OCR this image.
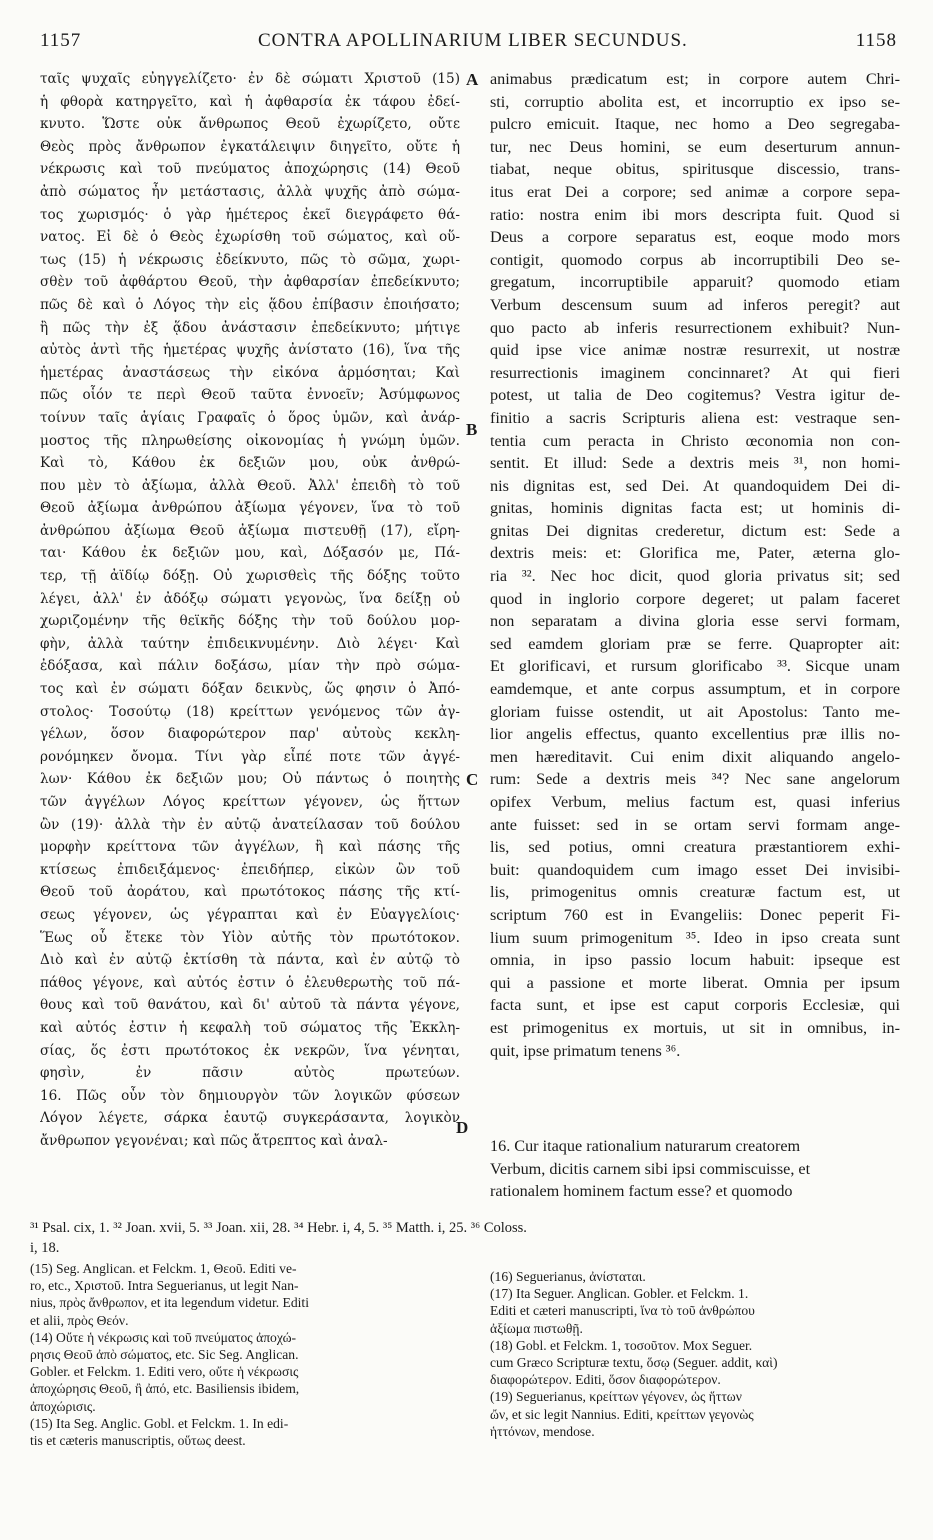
1157	CONTRA APOLLINARIUM LIBER SECUNDUS.	1158
A
B
C
D
ταῖς ψυχαῖς εὐηγγελίζετο· ἐν δὲ σώματι Χριστοῦ (15)
ἡ φθορὰ κατηργεῖτο, καὶ ἡ ἀφθαρσία ἐκ τάφου ἐδεί-
κνυτο. Ὥστε οὐκ ἄνθρωπος Θεοῦ ἐχωρίζετο, οὔτε
Θεὸς πρὸς ἄνθρωπον ἐγκατάλειψιν διηγεῖτο, οὔτε ἡ
νέκρωσις καὶ τοῦ πνεύματος ἀποχώρησις (14) Θεοῦ
ἀπὸ σώματος ἦν μετάστασις, ἀλλὰ ψυχῆς ἀπὸ σώμα-
τος χωρισμός· ὁ γὰρ ἡμέτερος ἐκεῖ διεγράφετο θά-
νατος. Εἰ δὲ ὁ Θεὸς ἐχωρίσθη τοῦ σώματος, καὶ οὕ-
τως (15) ἡ νέκρωσις ἐδείκνυτο, πῶς τὸ σῶμα, χωρι-
σθὲν τοῦ ἀφθάρτου Θεοῦ, τὴν ἀφθαρσίαν ἐπεδείκνυτο;
πῶς δὲ καὶ ὁ Λόγος τὴν εἰς ᾅδου ἐπίβασιν ἐποιήσατο;
ἢ πῶς τὴν ἐξ ᾅδου ἀνάστασιν ἐπεδείκνυτο; μήτιγε
αὐτὸς ἀντὶ τῆς ἡμετέρας ψυχῆς ἀνίστατο (16), ἵνα τῆς
ἡμετέρας ἀναστάσεως τὴν εἰκόνα ἁρμόσηται; Καὶ
πῶς οἷόν τε περὶ Θεοῦ ταῦτα ἐννοεῖν; Ἀσύμφωνος
τοίνυν ταῖς ἁγίαις Γραφαῖς ὁ ὅρος ὑμῶν, καὶ ἀνάρ-
μοστος τῆς πληρωθείσης οἰκονομίας ἡ γνώμη ὑμῶν.
Καὶ τὸ, Κάθου ἐκ δεξιῶν μου, οὐκ ἀνθρώ-
που μὲν τὸ ἀξίωμα, ἀλλὰ Θεοῦ. Ἀλλ' ἐπειδὴ τὸ τοῦ
Θεοῦ ἀξίωμα ἀνθρώπου ἀξίωμα γέγονεν, ἵνα τὸ τοῦ
ἀνθρώπου ἀξίωμα Θεοῦ ἀξίωμα πιστευθῇ (17), εἴρη-
ται· Κάθου ἐκ δεξιῶν μου, καὶ, Δόξασόν με, Πά-
τερ, τῇ ἀϊδίῳ δόξῃ. Οὐ χωρισθεὶς τῆς δόξης τοῦτο
λέγει, ἀλλ' ἐν ἀδόξῳ σώματι γεγονὼς, ἵνα δείξῃ οὐ
χωριζομένην τῆς θεϊκῆς δόξης τὴν τοῦ δούλου μορ-
φὴν, ἀλλὰ ταύτην ἐπιδεικνυμένην. Διὸ λέγει· Καὶ
ἐδόξασα, καὶ πάλιν δοξάσω, μίαν τὴν πρὸ σώμα-
τος καὶ ἐν σώματι δόξαν δεικνὺς, ὥς φησιν ὁ Ἀπό-
στολος· Τοσούτῳ (18) κρείττων γενόμενος τῶν ἀγ-
γέλων, ὅσον διαφορώτερον παρ' αὐτοὺς κεκλη-
ρονόμηκεν ὄνομα. Τίνι γὰρ εἶπέ ποτε τῶν ἀγγέ-
λων· Κάθου ἐκ δεξιῶν μου; Οὐ πάντως ὁ ποιητὴς
τῶν ἀγγέλων Λόγος κρείττων γέγονεν, ὡς ἥττων
ὢν (19)· ἀλλὰ τὴν ἐν αὐτῷ ἀνατείλασαν τοῦ δούλου
μορφὴν κρείττονα τῶν ἀγγέλων, ἢ καὶ πάσης τῆς
κτίσεως ἐπιδειξάμενος· ἐπειδήπερ, εἰκὼν ὢν τοῦ
Θεοῦ τοῦ ἀοράτου, καὶ πρωτότοκος πάσης τῆς κτί-
σεως γέγονεν, ὡς γέγραπται καὶ ἐν Εὐαγγελίοις·
Ἕως οὗ ἔτεκε τὸν Υἱὸν αὐτῆς τὸν πρωτότοκον.
Διὸ καὶ ἐν αὐτῷ ἐκτίσθη τὰ πάντα, καὶ ἐν αὐτῷ τὸ
πάθος γέγονε, καὶ αὐτός ἐστιν ὁ ἐλευθερωτὴς τοῦ πά-
θους καὶ τοῦ θανάτου, καὶ δι' αὐτοῦ τὰ πάντα γέγονε,
καὶ αὐτός ἐστιν ἡ κεφαλὴ τοῦ σώματος τῆς Ἐκκλη-
σίας, ὅς ἐστι πρωτότοκος ἐκ νεκρῶν, ἵνα γένηται,
φησὶν, ἐν πᾶσιν αὐτὸς πρωτεύων.
16. Πῶς οὖν τὸν δημιουργὸν τῶν λογικῶν φύσεων
Λόγον λέγετε, σάρκα ἑαυτῷ συγκεράσαντα, λογικὸν
ἄνθρωπον γεγονέναι; καὶ πῶς ἄτρεπτος καὶ ἀναλ-
animabus prædicatum est; in corpore autem Chri-
sti, corruptio abolita est, et incorruptio ex ipso se-
pulcro emicuit. Itaque, nec homo a Deo segregaba-
tur, nec Deus homini, se eum deserturum annun-
tiabat, neque obitus, spiritusque discessio, trans-
itus erat Dei a corpore; sed animæ a corpore sepa-
ratio: nostra enim ibi mors descripta fuit. Quod si
Deus a corpore separatus est, eoque modo mors
contigit, quomodo corpus ab incorruptibili Deo se-
gregatum, incorruptibile apparuit? quomodo etiam
Verbum descensum suum ad inferos peregit? aut
quo pacto ab inferis resurrectionem exhibuit? Nun-
quid ipse vice animæ nostræ resurrexit, ut nostræ
resurrectionis imaginem concinnaret? At qui fieri
potest, ut talia de Deo cogitemus? Vestra igitur de-
finitio a sacris Scripturis aliena est: vestraque sen-
tentia cum peracta in Christo œconomia non con-
sentit. Et illud: Sede a dextris meis ³¹, non homi-
nis dignitas est, sed Dei. At quandoquidem Dei di-
gnitas, hominis dignitas facta est; ut hominis di-
gnitas Dei dignitas crederetur, dictum est: Sede a
dextris meis: et: Glorifica me, Pater, æterna glo-
ria ³². Nec hoc dicit, quod gloria privatus sit; sed
quod in inglorio corpore degeret; ut palam faceret
non separatam a divina gloria esse servi formam,
sed eamdem gloriam præ se ferre. Quapropter ait:
Et glorificavi, et rursum glorificabo ³³. Sicque unam
eamdemque, et ante corpus assumptum, et in corpore
gloriam fuisse ostendit, ut ait Apostolus: Tanto me-
lior angelis effectus, quanto excellentius præ illis no-
men hæreditavit. Cui enim dixit aliquando angelo-
rum: Sede a dextris meis ³⁴? Nec sane angelorum
opifex Verbum, melius factum est, quasi inferius
ante fuisset: sed in se ortam servi formam ange-
lis, sed potius, omni creatura præstantiorem exhi-
buit: quandoquidem cum imago esset Dei invisibi-
lis, primogenitus omnis creaturæ factum est, ut
scriptum 760 est in Evangeliis: Donec peperit Fi-
lium suum primogenitum ³⁵. Ideo in ipso creata sunt
omnia, in ipso passio locum habuit: ipseque est
qui a passione et morte liberat. Omnia per ipsum
facta sunt, et ipse est caput corporis Ecclesiæ, qui
est primogenitus ex mortuis, ut sit in omnibus, in-
quit, ipse primatum tenens ³⁶.
16. Cur itaque rationalium naturarum creatorem
Verbum, dicitis carnem sibi ipsi commiscuisse, et
rationalem hominem factum esse? et quomodo
³¹ Psal. cix, 1. ³² Joan. xvii, 5. ³³ Joan. xii, 28. ³⁴ Hebr. i, 4, 5. ³⁵ Matth. i, 25. ³⁶ Coloss.
i, 18.
(15) Seg. Anglican. et Felckm. 1, Θεοῦ. Editi ve-
ro, etc., Χριστοῦ. Intra Seguerianus, ut legit Nan-
nius, πρὸς ἄνθρωπον, et ita legendum videtur. Editi
et alii, πρὸς Θεόν.
(14) Οὔτε ἡ νέκρωσις καὶ τοῦ πνεύματος ἀποχώ-
ρησις Θεοῦ ἀπὸ σώματος, etc. Sic Seg. Anglican.
Gobler. et Felckm. 1. Editi vero, οὔτε ἡ νέκρωσις
ἀποχώρησις Θεοῦ, ἢ ἀπό, etc. Basiliensis ibidem,
ἀποχώρισις.
(15) Ita Seg. Anglic. Gobl. et Felckm. 1. In edi-
tis et cæteris manuscriptis, οὕτως deest.
(16) Seguerianus, ἀνίσταται.
(17) Ita Seguer. Anglican. Gobler. et Felckm. 1.
Editi et cæteri manuscripti, ἵνα τὸ τοῦ ἀνθρώπου
ἀξίωμα πιστωθῇ.
(18) Gobl. et Felckm. 1, τοσοῦτον. Mox Seguer.
cum Græco Scripturæ textu, ὅσῳ (Seguer. addit, καὶ)
διαφορώτερον. Editi, ὅσον διαφορώτερον.
(19) Seguerianus, κρείττων γέγονεν, ὡς ἥττων
ὤν, et sic legit Nannius. Editi, κρείττων γεγονὼς
ἡττόνων, mendose.
